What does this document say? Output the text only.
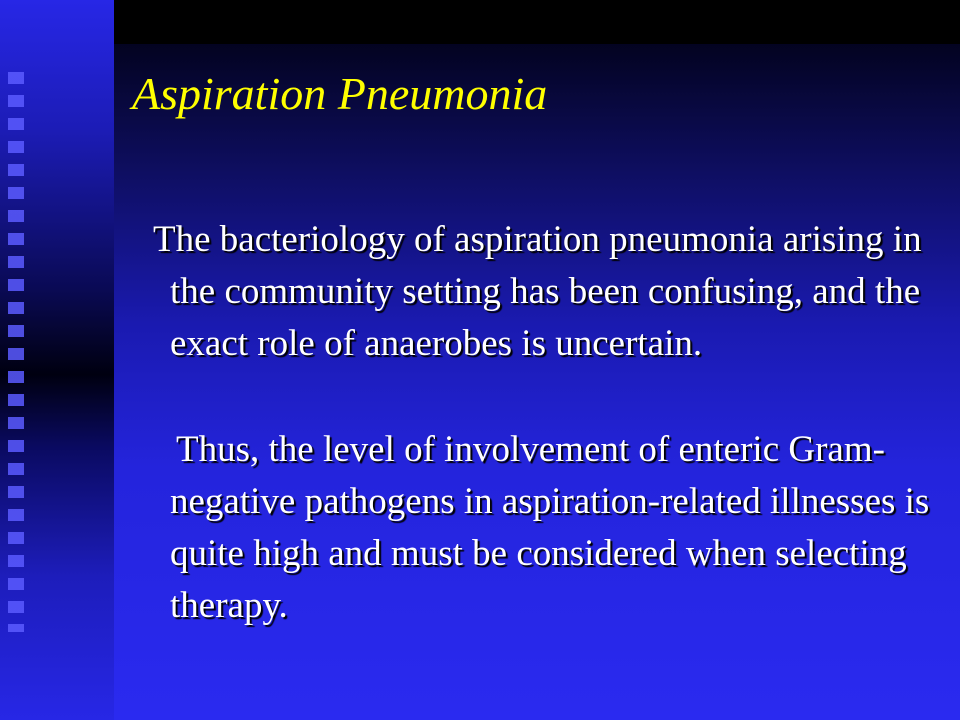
Aspiration Pneumonia

The bacteriology of aspiration pneumonia arising in the community setting has been confusing, and the exact role of anaerobes is uncertain.

Thus, the level of involvement of enteric Gram-negative pathogens in aspiration-related illnesses is quite high and must be considered when selecting therapy.
